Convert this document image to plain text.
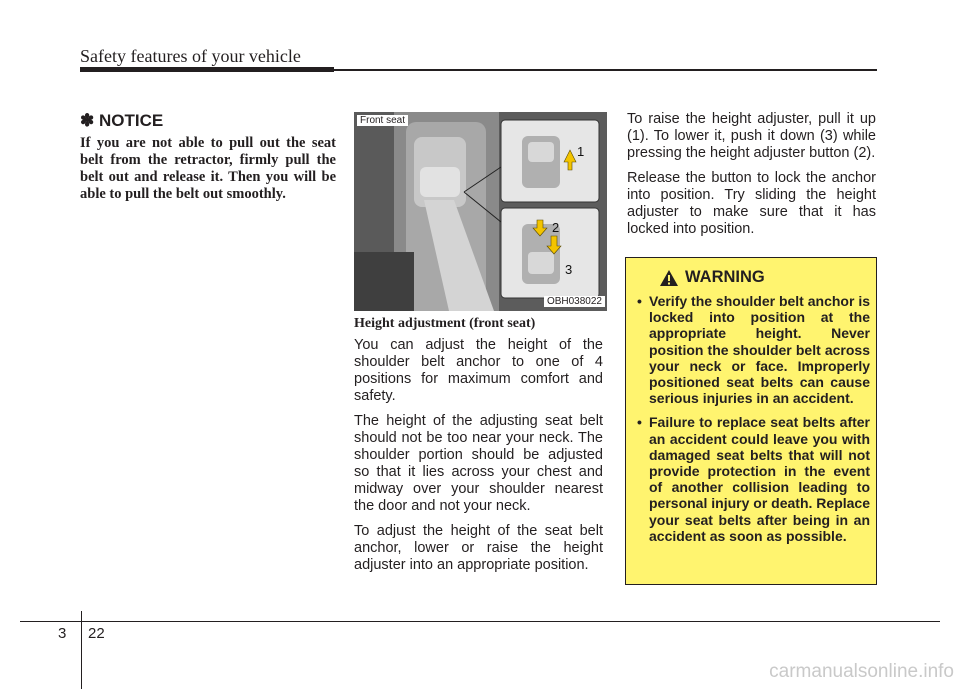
Safety features of your vehicle
✽ NOTICE
If you are not able to pull out the seat belt from the retractor, firmly pull the belt out and release it. Then you will be able to pull the belt out smoothly.
Front seat
1
2
3
OBH038022
Height adjustment (front seat)

You can adjust the height of the shoulder belt anchor to one of 4 positions for maximum comfort and safety.

The height of the adjusting seat belt should not be too near your neck. The shoulder portion should be adjusted so that it lies across your chest and midway over your shoulder nearest the door and not your neck.

To adjust the height of the seat belt anchor, lower or raise the height adjuster into an appropriate position.

To raise the height adjuster, pull it up (1). To lower it, push it down (3) while pressing the height adjuster button (2).

Release the button to lock the anchor into position. Try sliding the height adjuster to make sure that it has locked into position.

WARNING
• Verify the shoulder belt anchor is locked into position at the appropriate height. Never position the shoulder belt across your neck or face. Improperly positioned seat belts can cause serious injuries in an accident.
• Failure to replace seat belts after an accident could leave you with damaged seat belts that will not provide protection in the event of another collision leading to personal injury or death. Replace your seat belts after being in an accident as soon as possible.
3 22
carmanualsonline.info
